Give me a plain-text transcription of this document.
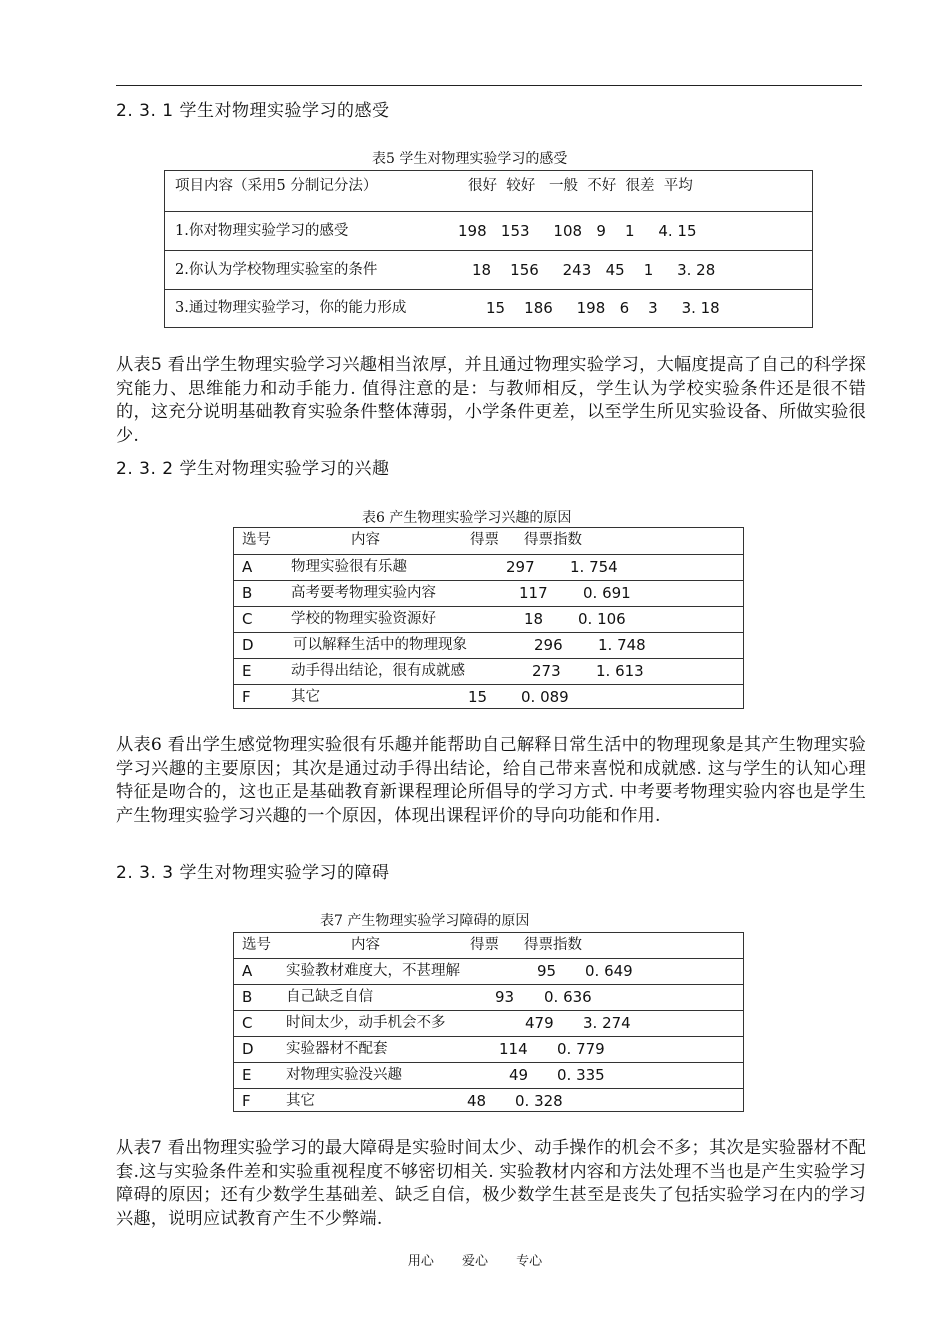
2. 3. 1 学生对物理实验学习的感受
表5 学生对物理实验学习的感受
项目内容（采用5 分制记分法）	很好  较好   一般  不好  很差  平均
1.你对物理实验学习的感受	198   153     108   9    1     4. 15
2.你认为学校物理实验室的条件	18    156     243   45    1     3. 28
3.通过物理实验学习，你的能力形成	15    186     198   6    3     3. 18
从表5 看出学生物理实验学习兴趣相当浓厚，并且通过物理实验学习，大幅度提高了自己的科学探究能力、思维能力和动手能力. 值得注意的是：与教师相反，学生认为学校实验条件还是很不错的，这充分说明基础教育实验条件整体薄弱，小学条件更差，以至学生所见实验设备、所做实验很少.
2. 3. 2 学生对物理实验学习的兴趣
表6 产生物理实验学习兴趣的原因
选号	内容	得票 得票指数
A	物理实验很有乐趣	297 1. 754
B	高考要考物理实验内容	117 0. 691
C	学校的物理实验资源好	18 0. 106
D	可以解释生活中的物理现象	296 1. 748
E	动手得出结论，很有成就感	273 1. 613
F	其它	15 0. 089
从表6 看出学生感觉物理实验很有乐趣并能帮助自己解释日常生活中的物理现象是其产生物理实验学习兴趣的主要原因；其次是通过动手得出结论，给自己带来喜悦和成就感. 这与学生的认知心理特征是吻合的，这也正是基础教育新课程理论所倡导的学习方式. 中考要考物理实验内容也是学生产生物理实验学习兴趣的一个原因，体现出课程评价的导向功能和作用.
2. 3. 3 学生对物理实验学习的障碍
表7 产生物理实验学习障碍的原因
选号	内容	得票 得票指数
A 实验教材难度大，不甚理解	95 0. 649
B 自己缺乏自信	93 0. 636
C 时间太少，动手机会不多	479 3. 274
D 实验器材不配套	114 0. 779
E 对物理实验没兴趣	49 0. 335
F 其它	48 0. 328
从表7 看出物理实验学习的最大障碍是实验时间太少、动手操作的机会不多；其次是实验器材不配套.这与实验条件差和实验重视程度不够密切相关. 实验教材内容和方法处理不当也是产生实验学习障碍的原因；还有少数学生基础差、缺乏自信，极少数学生甚至是丧失了包括实验学习在内的学习兴趣，说明应试教育产生不少弊端.
用心 爱心 专心
